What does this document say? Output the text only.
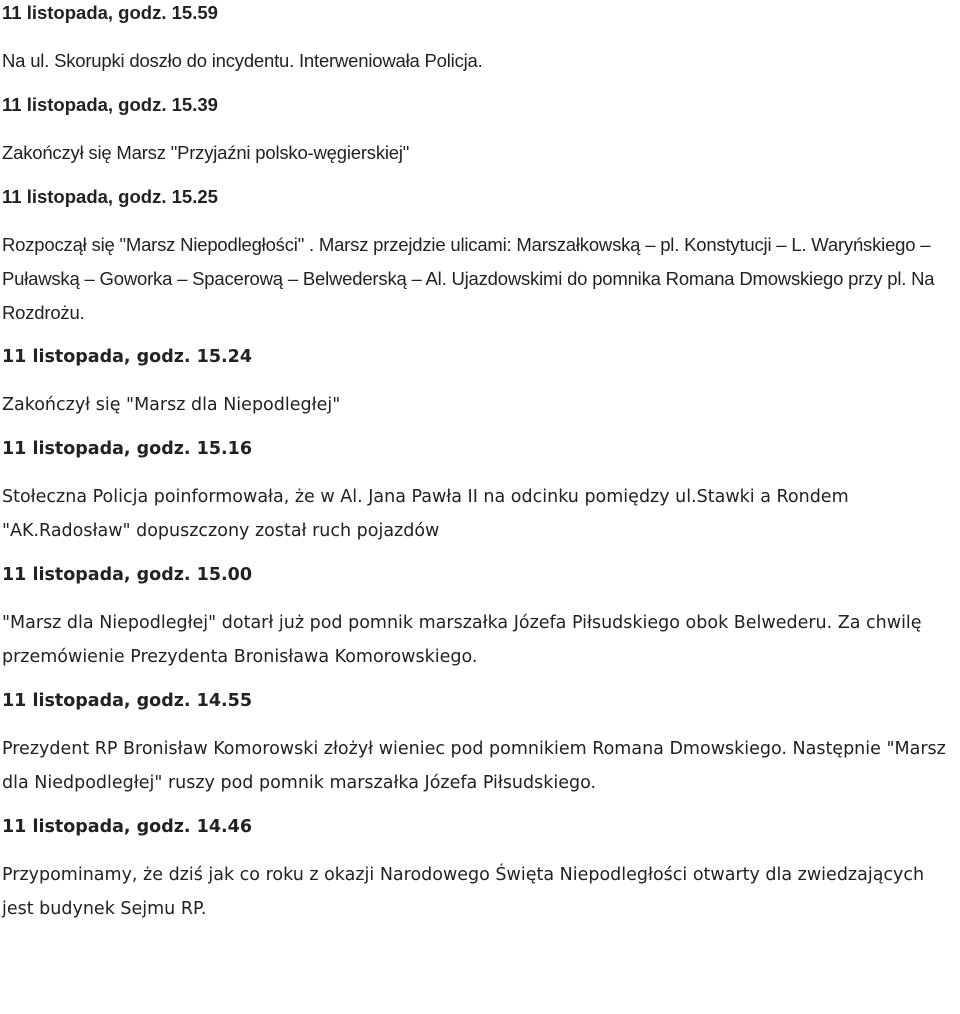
11 listopada, godz. 15.59
Na ul. Skorupki doszło do incydentu. Interweniowała Policja.
11 listopada, godz. 15.39
Zakończył się Marsz "Przyjaźni polsko-węgierskiej"
11 listopada, godz. 15.25
Rozpoczął się "Marsz Niepodległości" . Marsz przejdzie ulicami: Marszałkowską – pl. Konstytucji – L. Waryńskiego – Puławską – Goworka – Spacerową – Belwederską – Al. Ujazdowskimi do pomnika Romana Dmowskiego przy pl. Na Rozdrożu.
11 listopada, godz. 15.24
Zakończył się "Marsz dla Niepodległej"
11 listopada, godz. 15.16
Stołeczna Policja poinformowała, że w Al. Jana Pawła II na odcinku pomiędzy ul.Stawki a Rondem "AK.Radosław" dopuszczony został ruch pojazdów
11 listopada, godz. 15.00
"Marsz dla Niepodległej" dotarł już pod pomnik marszałka Józefa Piłsudskiego obok Belwederu. Za chwilę przemówienie Prezydenta Bronisława Komorowskiego.
11 listopada, godz. 14.55
Prezydent RP Bronisław Komorowski złożył wieniec pod pomnikiem Romana Dmowskiego. Następnie "Marsz dla Niedpodległej" ruszy pod pomnik marszałka Józefa Piłsudskiego.
11 listopada, godz. 14.46
Przypominamy, że dziś jak co roku z okazji Narodowego Święta Niepodległości otwarty dla zwiedzających jest budynek Sejmu RP.
